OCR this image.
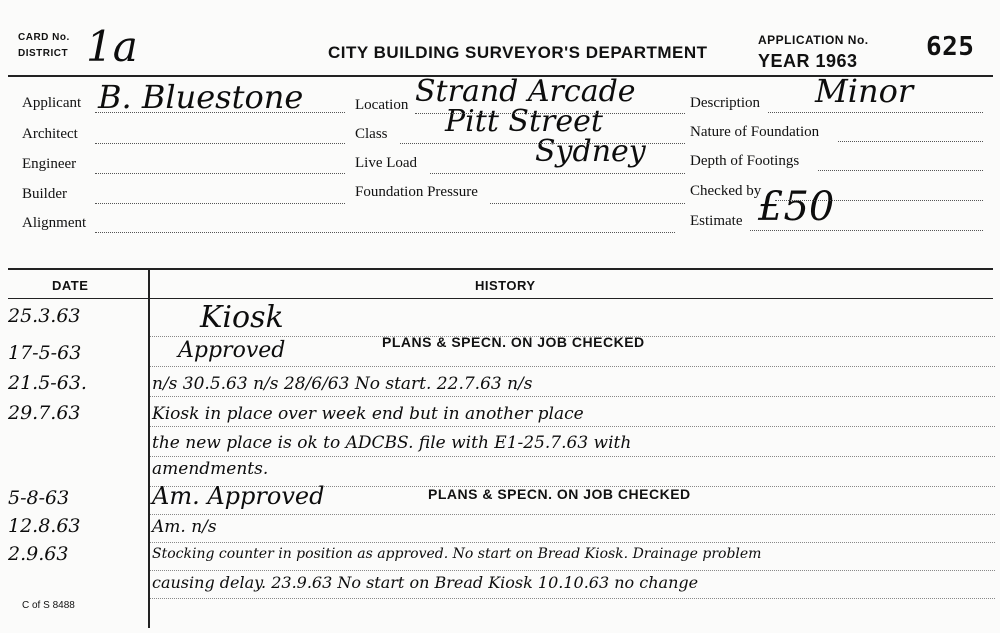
CARD No.
DISTRICT 1a	CITY BUILDING SURVEYOR'S DEPARTMENT
APPLICATION No.
YEAR 1963	625
Applicant B. Bluestone
Architect
Engineer
Builder
Alignment
Location Strand Arcade
Class Pitt Street
Live Load	Sydney
Foundation Pressure
Description Minor
Nature of Foundation
Depth of Footings
Checked by
Estimate £50
DATE	HISTORY
25.3.63	Kiosk
17-5-63	Approved	PLANS & SPECN. ON JOB CHECKED
21.5-63.	n/s 30.5.63 n/s 28/6/63 No start. 22.7.63 n/s
29.7.63	Kiosk in place over week end but in another place
the new place is ok to ADCBS. file with E1-25.7.63 with
amendments.
5-8-63	Am. Approved	PLANS & SPECN. ON JOB CHECKED
12.8.63	Am. n/s
2.9.63	Stocking counter in position as approved. No start on Bread Kiosk. Drainage problem
causing delay. 23.9.63 No start on Bread Kiosk 10.10.63 no change
C of S 8488
